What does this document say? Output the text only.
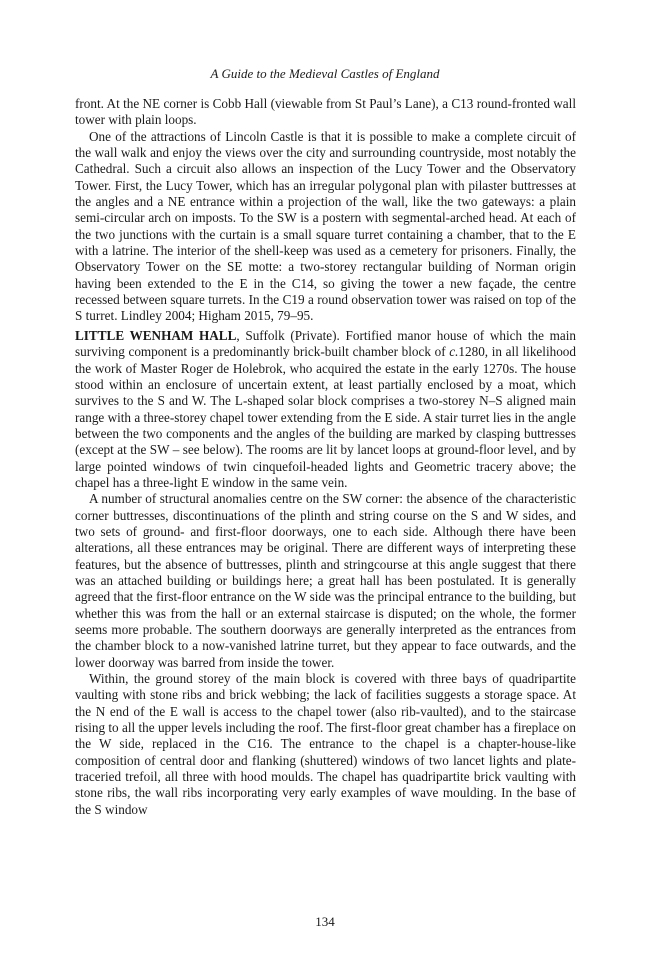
A Guide to the Medieval Castles of England

front. At the NE corner is Cobb Hall (viewable from St Paul’s Lane), a C13 round-fronted wall tower with plain loops.

One of the attractions of Lincoln Castle is that it is possible to make a complete circuit of the wall walk and enjoy the views over the city and surrounding countryside, most notably the Cathedral. Such a circuit also allows an inspection of the Lucy Tower and the Observatory Tower. First, the Lucy Tower, which has an irregular polygonal plan with pilaster buttresses at the angles and a NE entrance within a projection of the wall, like the two gateways: a plain semi-circular arch on imposts. To the SW is a postern with segmental-arched head. At each of the two junctions with the curtain is a small square turret containing a chamber, that to the E with a latrine. The interior of the shell-keep was used as a cemetery for prisoners. Finally, the Observatory Tower on the SE motte: a two-storey rectangular building of Norman origin having been extended to the E in the C14, so giving the tower a new façade, the centre recessed between square turrets. In the C19 a round observation tower was raised on top of the S turret. Lindley 2004; Higham 2015, 79–95.

LITTLE WENHAM HALL, Suffolk (Private). Fortified manor house of which the main surviving component is a predominantly brick-built chamber block of c.1280, in all likelihood the work of Master Roger de Holebrok, who acquired the estate in the early 1270s. The house stood within an enclosure of uncertain extent, at least partially enclosed by a moat, which survives to the S and W. The L-shaped solar block comprises a two-storey N–S aligned main range with a three-storey chapel tower extending from the E side. A stair turret lies in the angle between the two components and the angles of the building are marked by clasping buttresses (except at the SW – see below). The rooms are lit by lancet loops at ground-floor level, and by large pointed windows of twin cinquefoil-headed lights and Geometric tracery above; the chapel has a three-light E window in the same vein.

A number of structural anomalies centre on the SW corner: the absence of the characteristic corner buttresses, discontinuations of the plinth and string course on the S and W sides, and two sets of ground- and first-floor doorways, one to each side. Although there have been alterations, all these entrances may be original. There are different ways of interpreting these features, but the absence of buttresses, plinth and stringcourse at this angle suggest that there was an attached building or buildings here; a great hall has been postulated. It is generally agreed that the first-floor entrance on the W side was the principal entrance to the building, but whether this was from the hall or an external staircase is disputed; on the whole, the former seems more probable. The southern doorways are generally interpreted as the entrances from the chamber block to a now-vanished latrine turret, but they appear to face outwards, and the lower doorway was barred from inside the tower.

Within, the ground storey of the main block is covered with three bays of quadripartite vaulting with stone ribs and brick webbing; the lack of facilities suggests a storage space. At the N end of the E wall is access to the chapel tower (also rib-vaulted), and to the staircase rising to all the upper levels including the roof. The first-floor great chamber has a fireplace on the W side, replaced in the C16. The entrance to the chapel is a chapter-house-like composition of central door and flanking (shuttered) windows of two lancet lights and plate-traceried trefoil, all three with hood moulds. The chapel has quadripartite brick vaulting with stone ribs, the wall ribs incorporating very early examples of wave moulding. In the base of the S window

134
